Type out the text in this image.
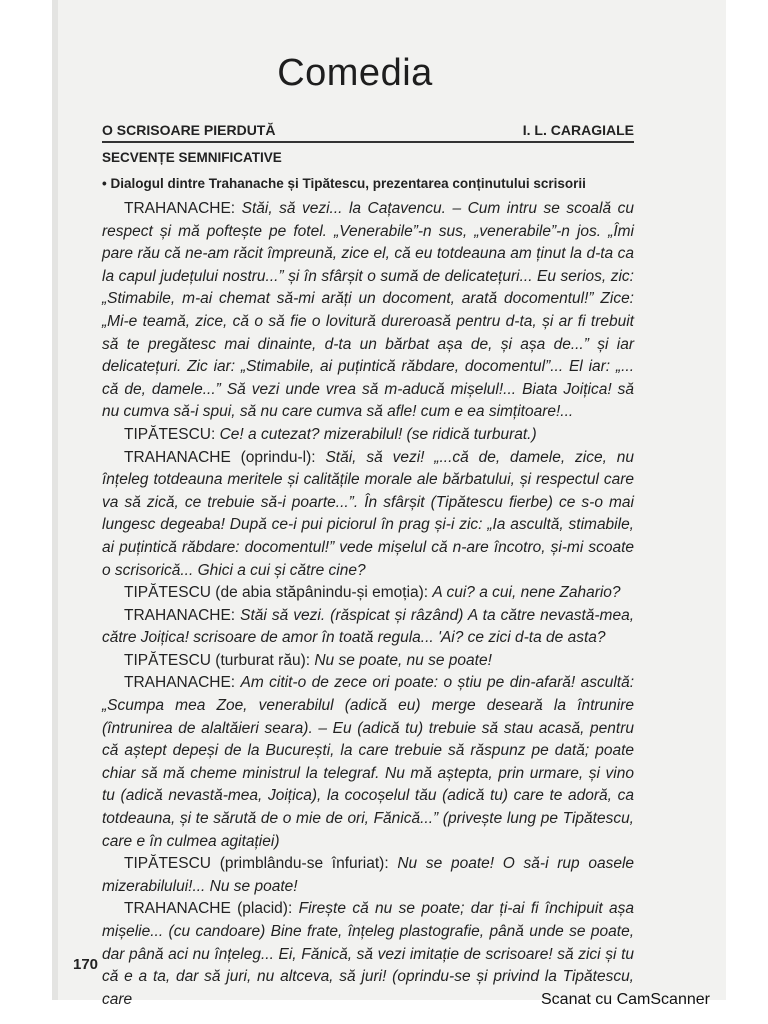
Comedia
O SCRISOARE PIERDUTĂ	I. L. CARAGIALE
SECVENȚE SEMNIFICATIVE
• Dialogul dintre Trahanache și Tipătescu, prezentarea conținutului scrisorii

TRAHANACHE: Stăi, să vezi... la Cațavencu. – Cum intru se scoală cu respect și mă poftește pe fotel. „Venerabile”-n sus, „venerabile”-n jos. „Îmi pare rău că ne-am răcit împreună, zice el, că eu totdeauna am ținut la d-ta ca la capul județului nostru...” și în sfârșit o sumă de delicatețuri... Eu serios, zic: „Stimabile, m-ai chemat să-mi arăți un docoment, arată docomentul!” Zice: „Mi-e teamă, zice, că o să fie o lovitură dureroasă pentru d-ta, și ar fi trebuit să te pregătesc mai dinainte, d-ta un bărbat așa de, și așa de...” și iar delicatețuri. Zic iar: „Stimabile, ai puțintică răbdare, docomentul”... El iar: „... că de, damele...” Să vezi unde vrea să m-aducă mișelul!... Biata Joițica! să nu cumva să-i spui, să nu care cumva să afle! cum e ea simțitoare!...

TIPĂTESCU: Ce! a cutezat? mizerabilul! (se ridică turburat.)

TRAHANACHE (oprindu-l): Stăi, să vezi! „...că de, damele, zice, nu înțeleg totdeauna meritele și calitățile morale ale bărbatului, și respectul care va să zică, ce trebuie să-i poarte...”. În sfârșit (Tipătescu fierbe) ce s-o mai lungesc degeaba! După ce-i pui piciorul în prag și-i zic: „Ia ascultă, stimabile, ai puțintică răbdare: docomentul!” vede mișelul că n-are încotro, și-mi scoate o scrisorică... Ghici a cui și către cine?

TIPĂTESCU (de abia stăpânindu-și emoția): A cui? a cui, nene Zahario?

TRAHANACHE: Stăi să vezi. (răspicat și râzând) A ta către nevastă-mea, către Joițica! scrisoare de amor în toată regula... 'Ai? ce zici d-ta de asta?

TIPĂTESCU (turburat rău): Nu se poate, nu se poate!

TRAHANACHE: Am citit-o de zece ori poate: o știu pe din-afară! ascultă: „Scumpa mea Zoe, venerabilul (adică eu) merge deseară la întrunire (întrunirea de alaltăieri seara). – Eu (adică tu) trebuie să stau acasă, pentru că aștept depeși de la București, la care trebuie să răspunz pe dată; poate chiar să mă cheme ministrul la telegraf. Nu mă aștepta, prin urmare, și vino tu (adică nevastă-mea, Joițica), la cocoșelul tău (adică tu) care te adoră, ca totdeauna, și te sărută de o mie de ori, Fănică...” (privește lung pe Tipătescu, care e în culmea agitației)

TIPĂTESCU (primblându-se înfuriat): Nu se poate! O să-i rup oasele mizerabilului!... Nu se poate!

TRAHANACHE (placid): Firește că nu se poate; dar ți-ai fi închipuit așa mișelie... (cu candoare) Bine frate, înțeleg plastografie, până unde se poate, dar până aci nu înțeleg... Ei, Fănică, să vezi imitație de scrisoare! să zici și tu că e a ta, dar să juri, nu altceva, să juri! (oprindu-se și privind la Tipătescu, care

170
Scanat cu CamScanner
